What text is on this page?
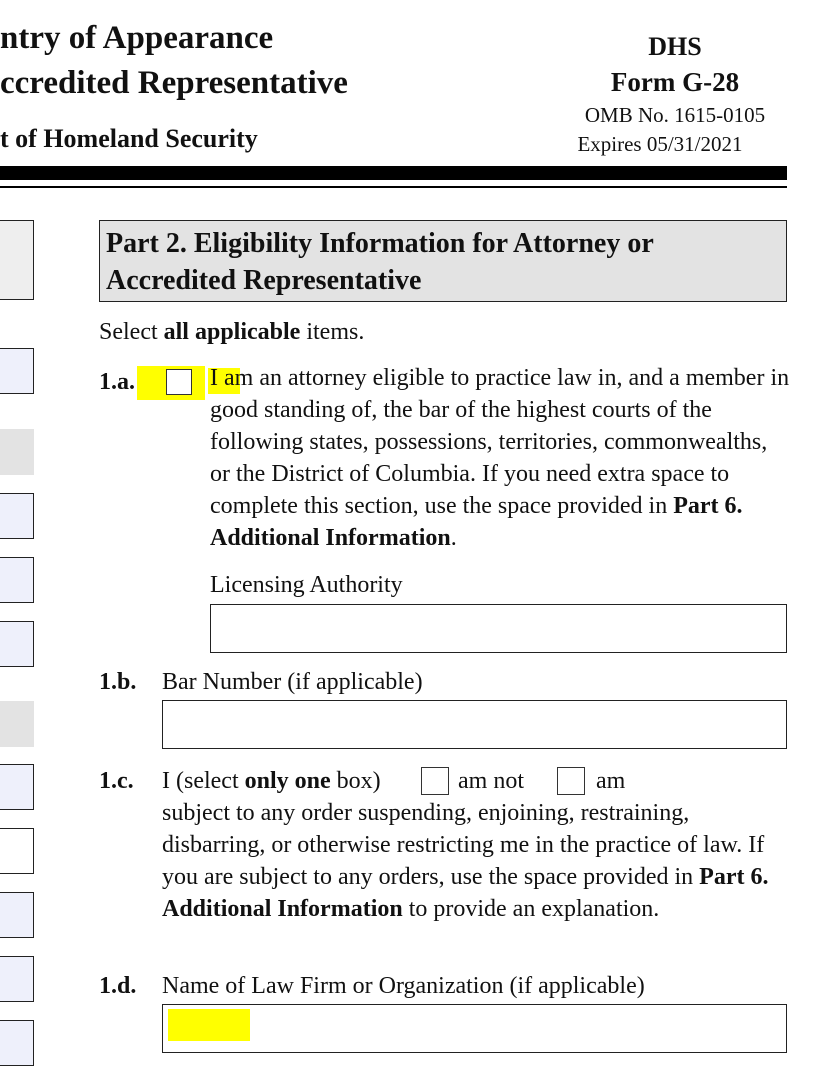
ntry of Appearance
ccredited Representative
t of Homeland Security
DHS
Form G-28
OMB No. 1615-0105
Expires 05/31/2021
Part 2. Eligibility Information for Attorney or Accredited Representative
Select all applicable items.
1.a.	I am an attorney eligible to practice law in, and a member in good standing of, the bar of the highest courts of the following states, possessions, territories, commonwealths, or the District of Columbia. If you need extra space to complete this section, use the space provided in Part 6. Additional Information.
Licensing Authority
1.b. Bar Number (if applicable)
1.c. I (select only one box)	am not	am
subject to any order suspending, enjoining, restraining, disbarring, or otherwise restricting me in the practice of law. If you are subject to any orders, use the space provided in Part 6. Additional Information to provide an explanation.
1.d. Name of Law Firm or Organization (if applicable)
